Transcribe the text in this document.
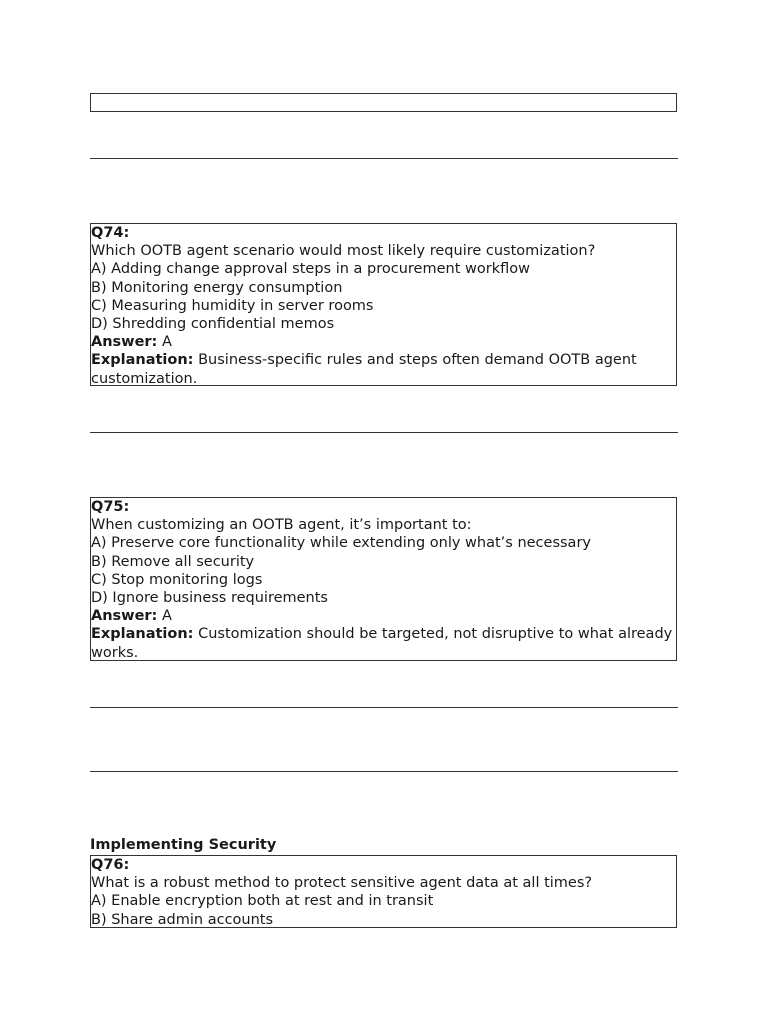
Q74:
Which OOTB agent scenario would most likely require customization?
A) Adding change approval steps in a procurement workflow
B) Monitoring energy consumption
C) Measuring humidity in server rooms
D) Shredding confidential memos
Answer: A
Explanation: Business-specific rules and steps often demand OOTB agent customization.
Q75:
When customizing an OOTB agent, it’s important to:
A) Preserve core functionality while extending only what’s necessary
B) Remove all security
C) Stop monitoring logs
D) Ignore business requirements
Answer: A
Explanation: Customization should be targeted, not disruptive to what already works.
Implementing Security
Q76:
What is a robust method to protect sensitive agent data at all times?
A) Enable encryption both at rest and in transit
B) Share admin accounts
